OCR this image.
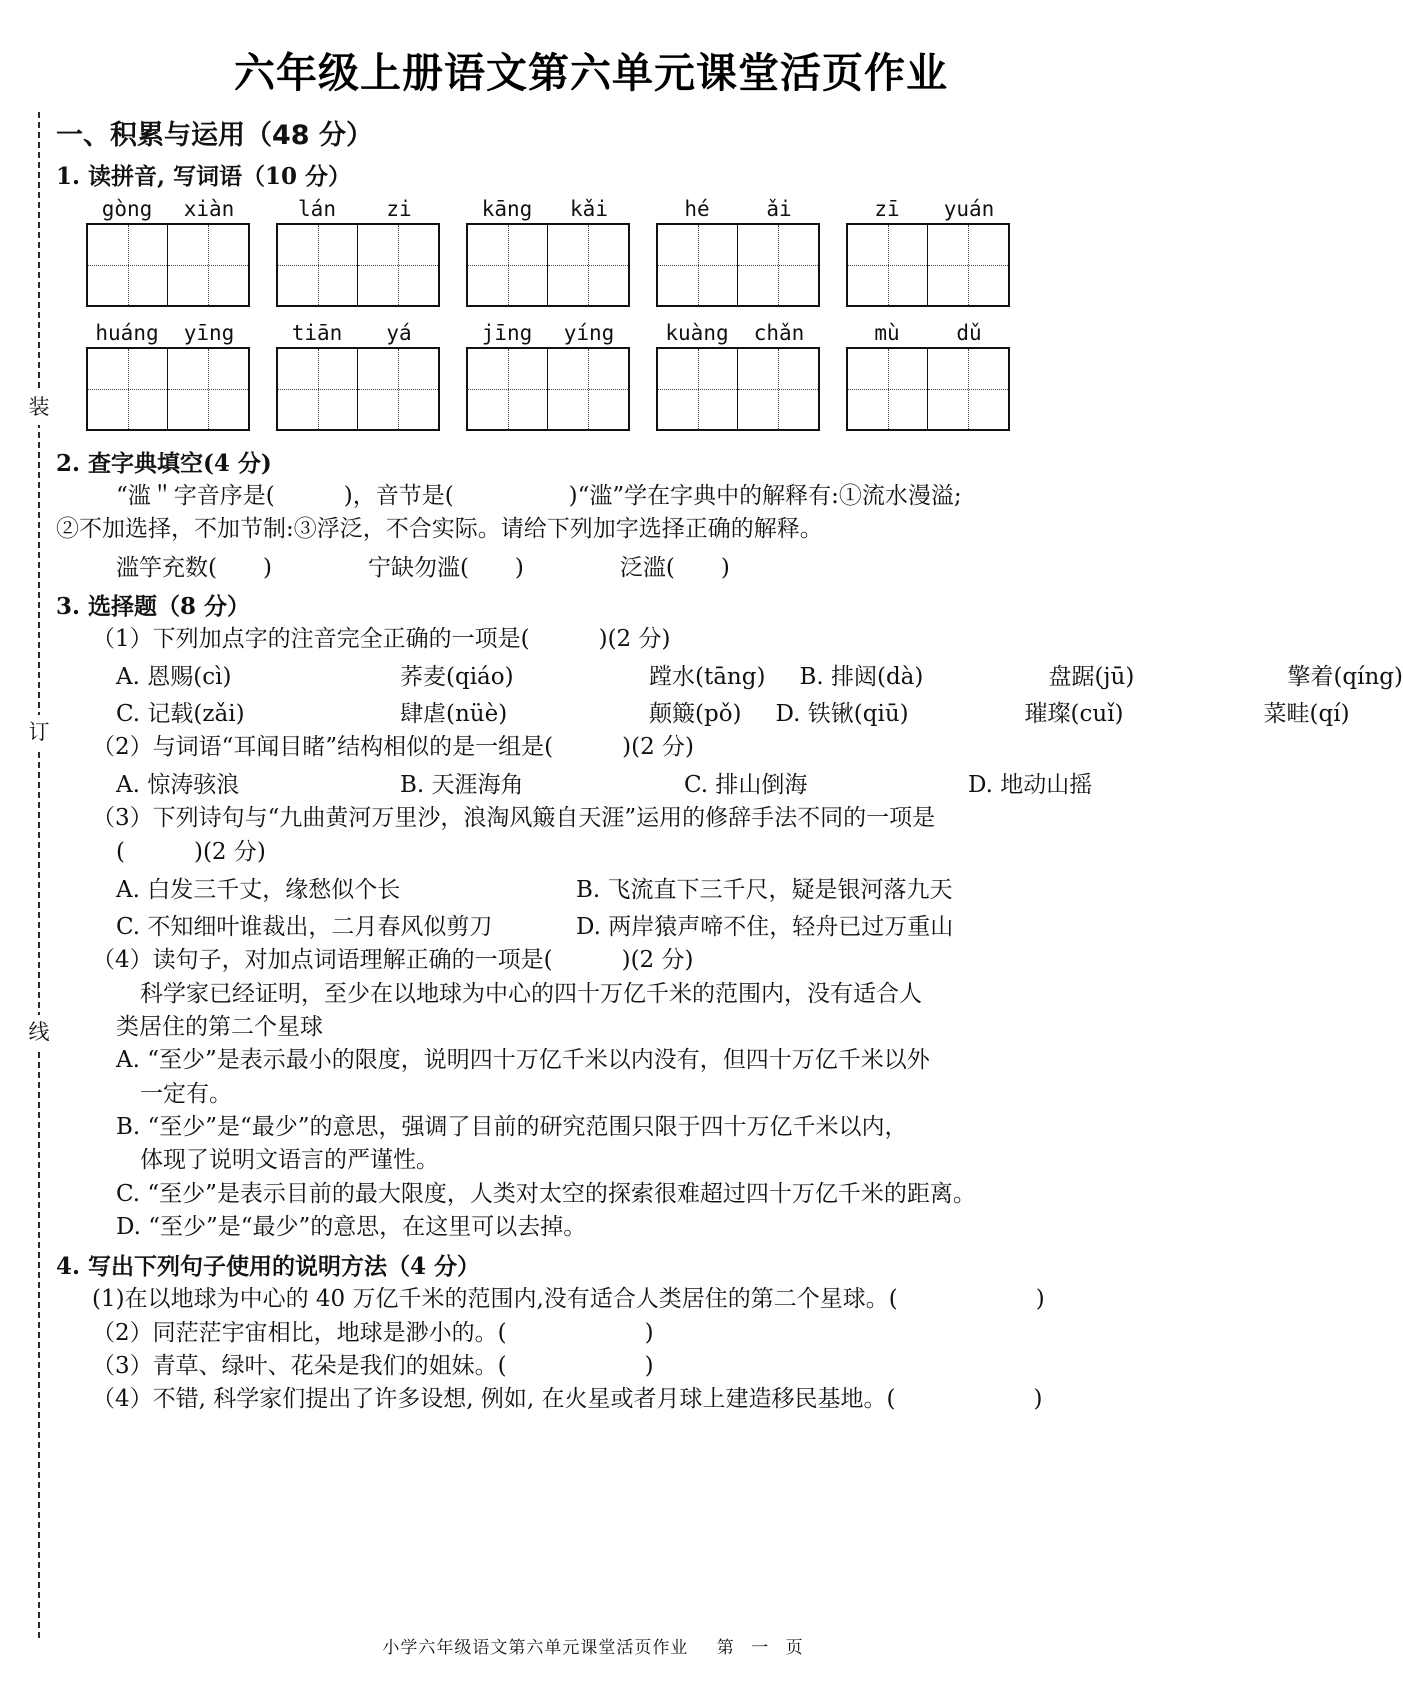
装
订
线
六年级上册语文第六单元课堂活页作业
一、积累与运用（48 分）
1. 读拼音, 写词语（10 分）
gòng	xiàn	lán	zi	kāng	kǎi	hé	ǎi	zī	yuán
huáng	yīng	tiān	yá	jīng	yíng	kuàng	chǎn	mù	dǔ
2. 查字典填空(4 分)
“滥＂字音序是(　　　)，音节是(　　　　　)“滥”学在字典中的解释有:①流水漫溢;
②不加选择，不加节制:③浮泛，不合实际。请给下列加字选择正确的解释。
滥竽充数(　　)	宁缺勿滥(　　)	泛滥(　　)
3. 选择题（8 分）
（1）下列加点字的注音完全正确的一项是(　　　)(2 分)
A. 恩赐(cì)	荞麦(qiáo)	蹚水(tāng) B. 排闼(dà)	盘踞(jū)	擎着(qíng)
C. 记载(zǎi)	肆虐(nüè)	颠簸(pǒ) D. 铁锹(qiū)	璀璨(cuǐ)	菜畦(qí)
（2）与词语“耳闻目睹”结构相似的是一组是(　　　)(2 分)
A. 惊涛骇浪	B. 天涯海角	C. 排山倒海	D. 地动山摇
（3）下列诗句与“九曲黄河万里沙，浪淘风簸自天涯”运用的修辞手法不同的一项是
(　　　)(2 分)
A. 白发三千丈，缘愁似个长	B. 飞流直下三千尺，疑是银河落九天
C. 不知细叶谁裁出，二月春风似剪刀	D. 两岸猿声啼不住，轻舟已过万重山
（4）读句子，对加点词语理解正确的一项是(　　　)(2 分)
科学家已经证明，至少在以地球为中心的四十万亿千米的范围内，没有适合人
类居住的第二个星球
A. “至少”是表示最小的限度，说明四十万亿千米以内没有，但四十万亿千米以外
一定有。
B. “至少”是“最少”的意思，强调了目前的研究范围只限于四十万亿千米以内，
体现了说明文语言的严谨性。
C. “至少”是表示目前的最大限度，人类对太空的探索很难超过四十万亿千米的距离。
D. “至少”是“最少”的意思，在这里可以去掉。
4. 写出下列句子使用的说明方法（4 分）
(1)在以地球为中心的 40 万亿千米的范围内,没有适合人类居住的第二个星球。(　　　　　　)
（2）同茫茫宇宙相比，地球是渺小的。(　　　　　　)
（3）青草、绿叶、花朵是我们的姐妹。(　　　　　　)
（4）不错, 科学家们提出了许多设想, 例如, 在火星或者月球上建造移民基地。(　　　　　　)
小学六年级语文第六单元课堂活页作业 第 一 页
